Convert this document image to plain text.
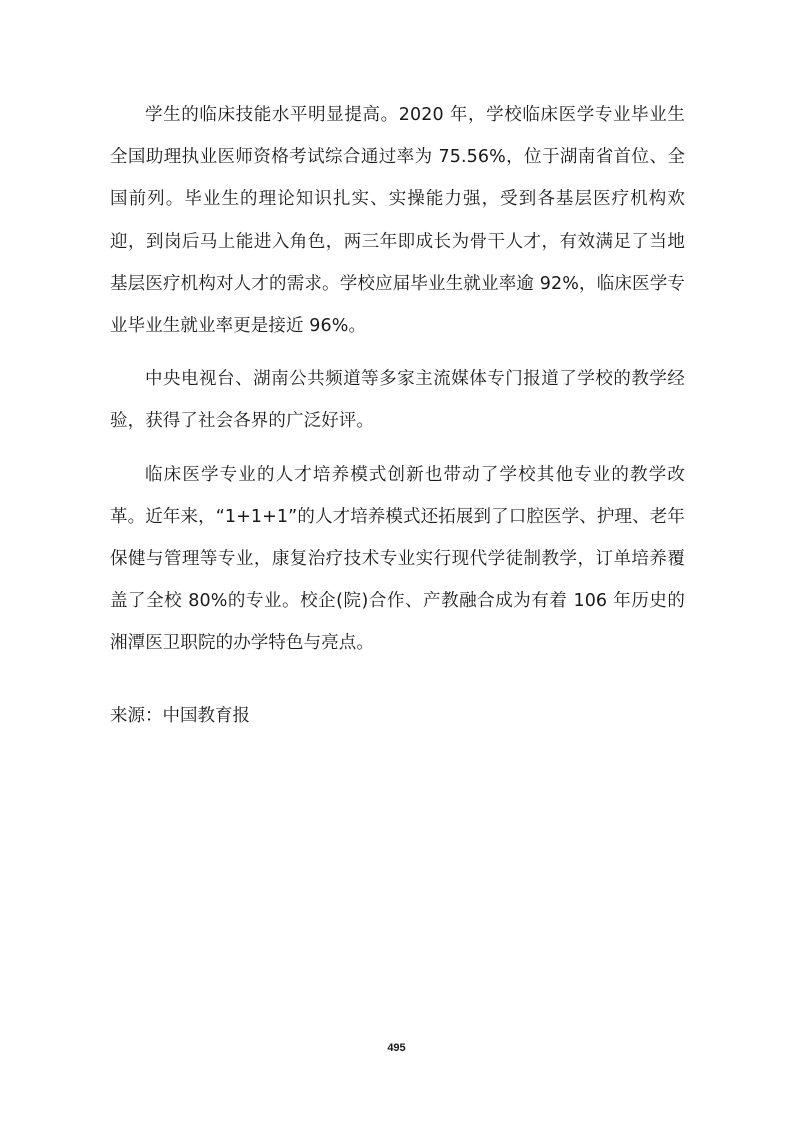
学生的临床技能水平明显提高。2020 年，学校临床医学专业毕业生全国助理执业医师资格考试综合通过率为 75.56%，位于湖南省首位、全国前列。毕业生的理论知识扎实、实操能力强，受到各基层医疗机构欢迎，到岗后马上能进入角色，两三年即成长为骨干人才，有效满足了当地基层医疗机构对人才的需求。学校应届毕业生就业率逾 92%，临床医学专业毕业生就业率更是接近 96%。

中央电视台、湖南公共频道等多家主流媒体专门报道了学校的教学经验，获得了社会各界的广泛好评。

临床医学专业的人才培养模式创新也带动了学校其他专业的教学改革。近年来，“1+1+1”的人才培养模式还拓展到了口腔医学、护理、老年保健与管理等专业，康复治疗技术专业实行现代学徒制教学，订单培养覆盖了全校 80%的专业。校企(院)合作、产教融合成为有着 106 年历史的湘潭医卫职院的办学特色与亮点。

来源：中国教育报

495
